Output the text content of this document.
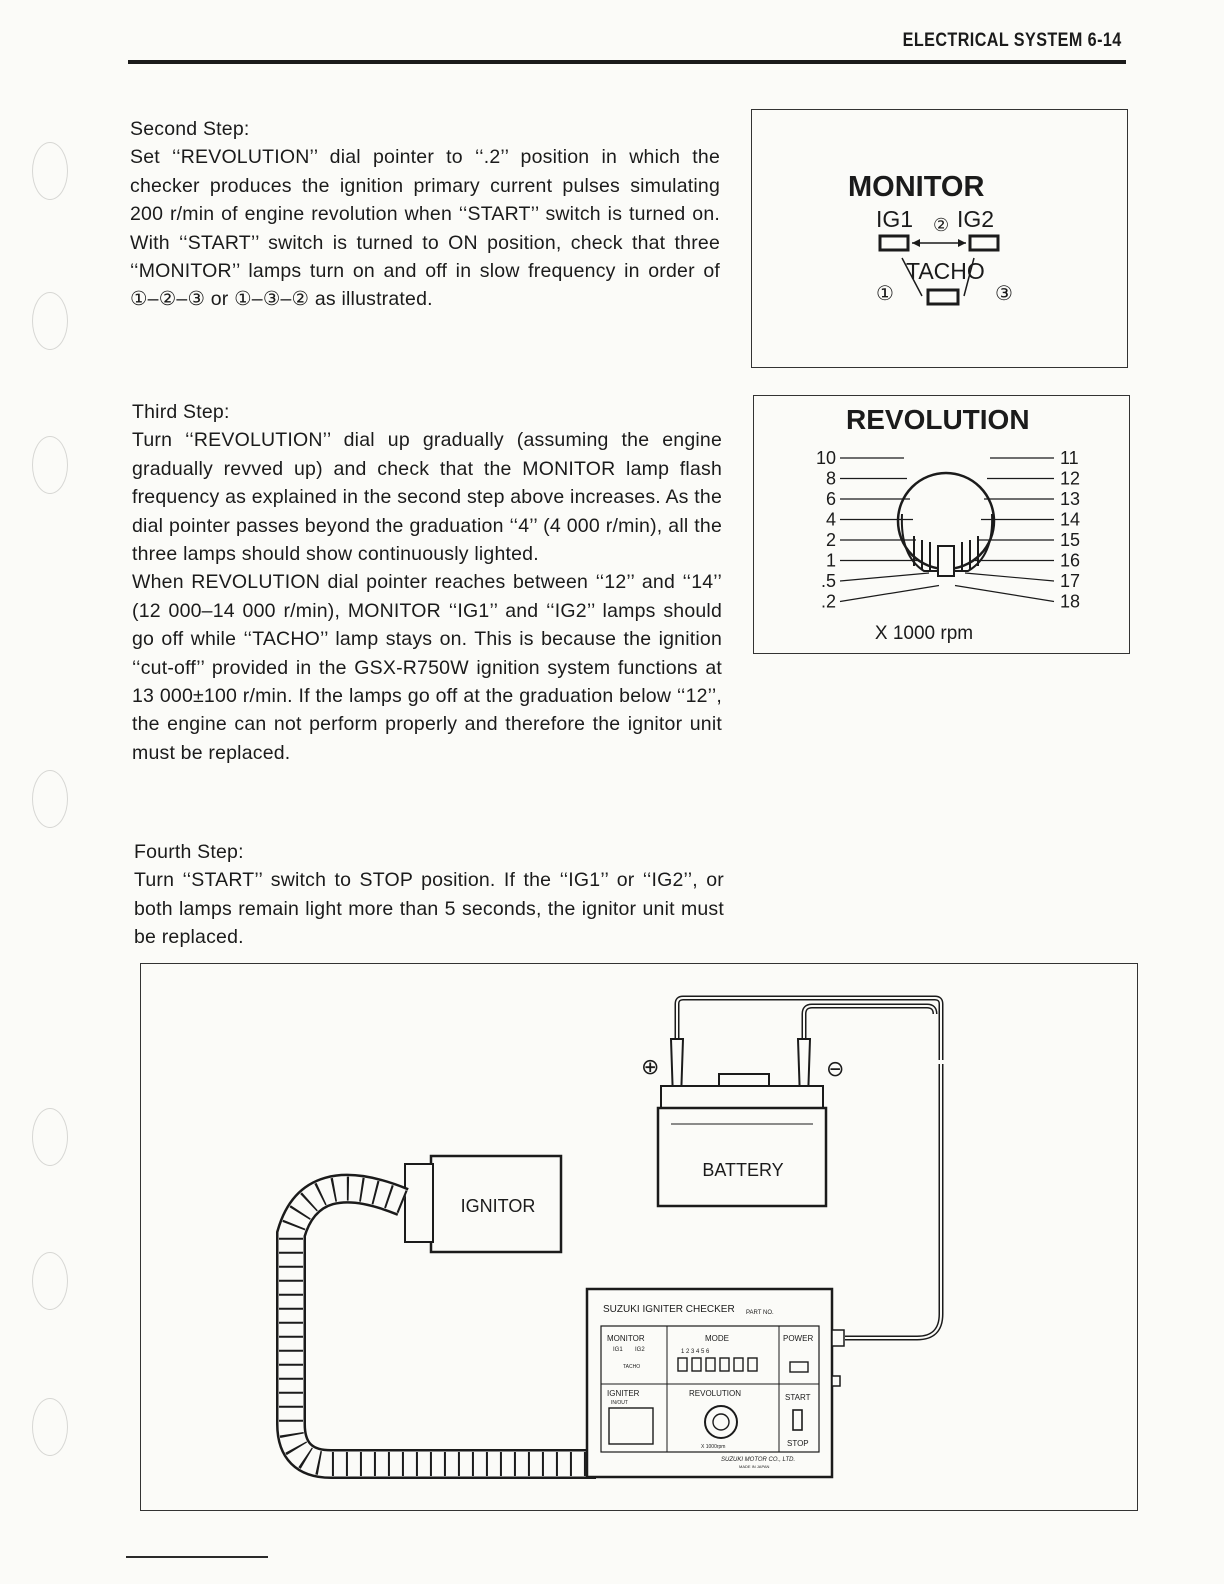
ELECTRICAL SYSTEM 6-14

Second Step:

Set ‘‘REVOLUTION’’ dial pointer to ‘‘.2’’ position in which the checker produces the ignition primary current pulses simulating 200 r/min of engine revolution when ‘‘START’’ switch is turned on. With ‘‘START’’ switch is turned to ON position, check that three ‘‘MONITOR’’ lamps turn on and off in slow frequency in order of ①–②–③ or ①–③–② as illustrated.

Third Step:

Turn ‘‘REVOLUTION’’ dial up gradually (assuming the engine gradually revved up) and check that the MONITOR lamp flash frequency as explained in the second step above increases. As the dial pointer passes beyond the graduation ‘‘4’’ (4 000 r/min), all the three lamps should show continuously lighted.

When REVOLUTION dial pointer reaches between ‘‘12’’ and ‘‘14’’ (12 000–14 000 r/min), MONITOR ‘‘IG1’’ and ‘‘IG2’’ lamps should go off while ‘‘TACHO’’ lamp stays on. This is because the ignition ‘‘cut-off’’ provided in the GSX-R750W ignition system functions at 13 000±100 r/min. If the lamps go off at the graduation below ‘‘12’’, the engine can not perform properly and therefore the ignitor unit must be replaced.

Fourth Step:

Turn ‘‘START’’ switch to STOP position. If the ‘‘IG1’’ or ‘‘IG2’’, or both lamps remain light more than 5 seconds, the ignitor unit must be replaced.

MONITOR
IG1 ② IG2
TACHO
①	③
REVOLUTION
10
8
6
4
2
1
.5
.2
11
12
13
14
15
16
17
18
X 1000 rpm
⊕	⊖
BATTERY
IGNITOR
SUZUKI IGNITER CHECKER PART NO.
MONITOR
IG1 IG2
TACHO
MODE
1 2 3 4 5 6
POWER
IGNITER
IN/OUT
REVOLUTION
X 1000rpm
START
STOP
SUZUKI MOTOR CO., LTD.
MADE IN JAPAN
